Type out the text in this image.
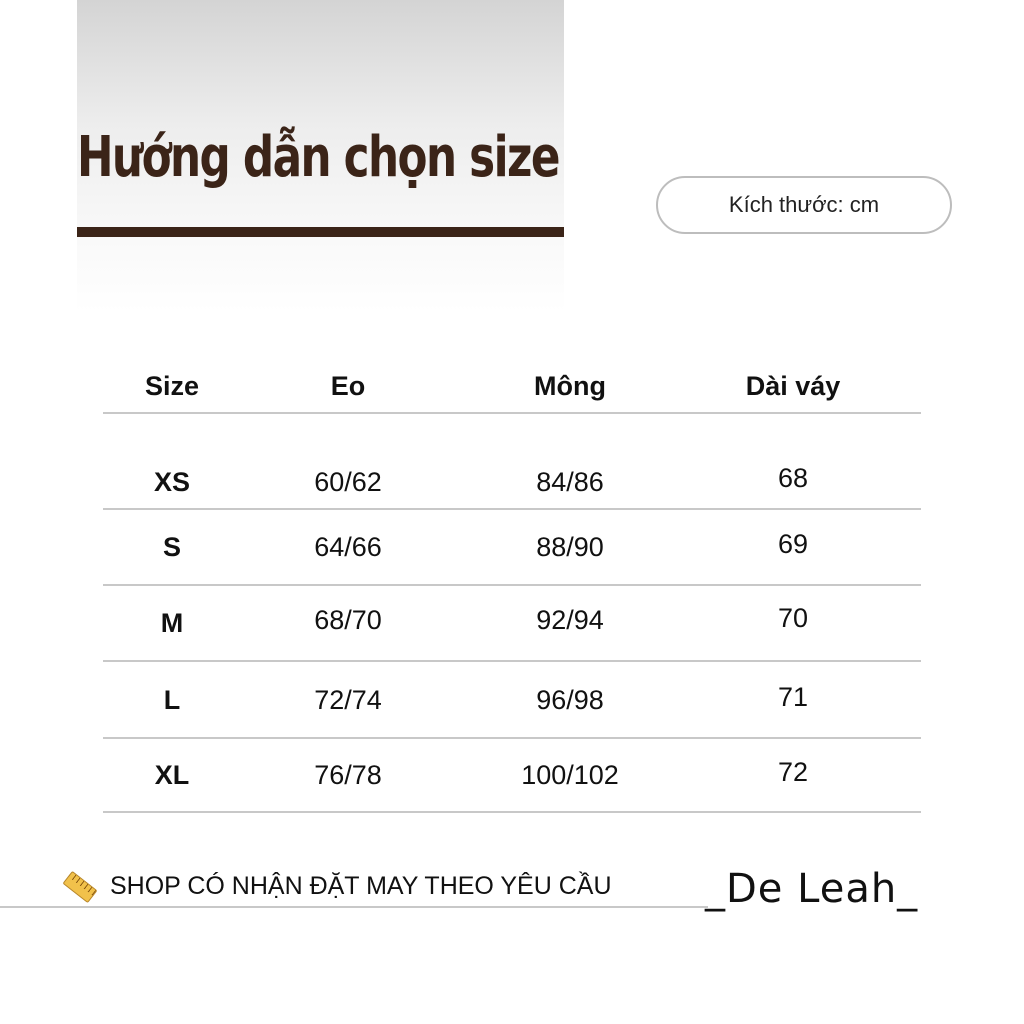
Hướng dẫn chọn size
Kích thước: cm
Size	Eo	Mông	Dài váy
XS	60/62	84/86	68
S	64/66	88/90	69
M	68/70	92/94	70
L	72/74	96/98	71
XL	76/78	100/102	72
SHOP CÓ NHẬN ĐẶT MAY THEO YÊU CẦU _De Leah_
